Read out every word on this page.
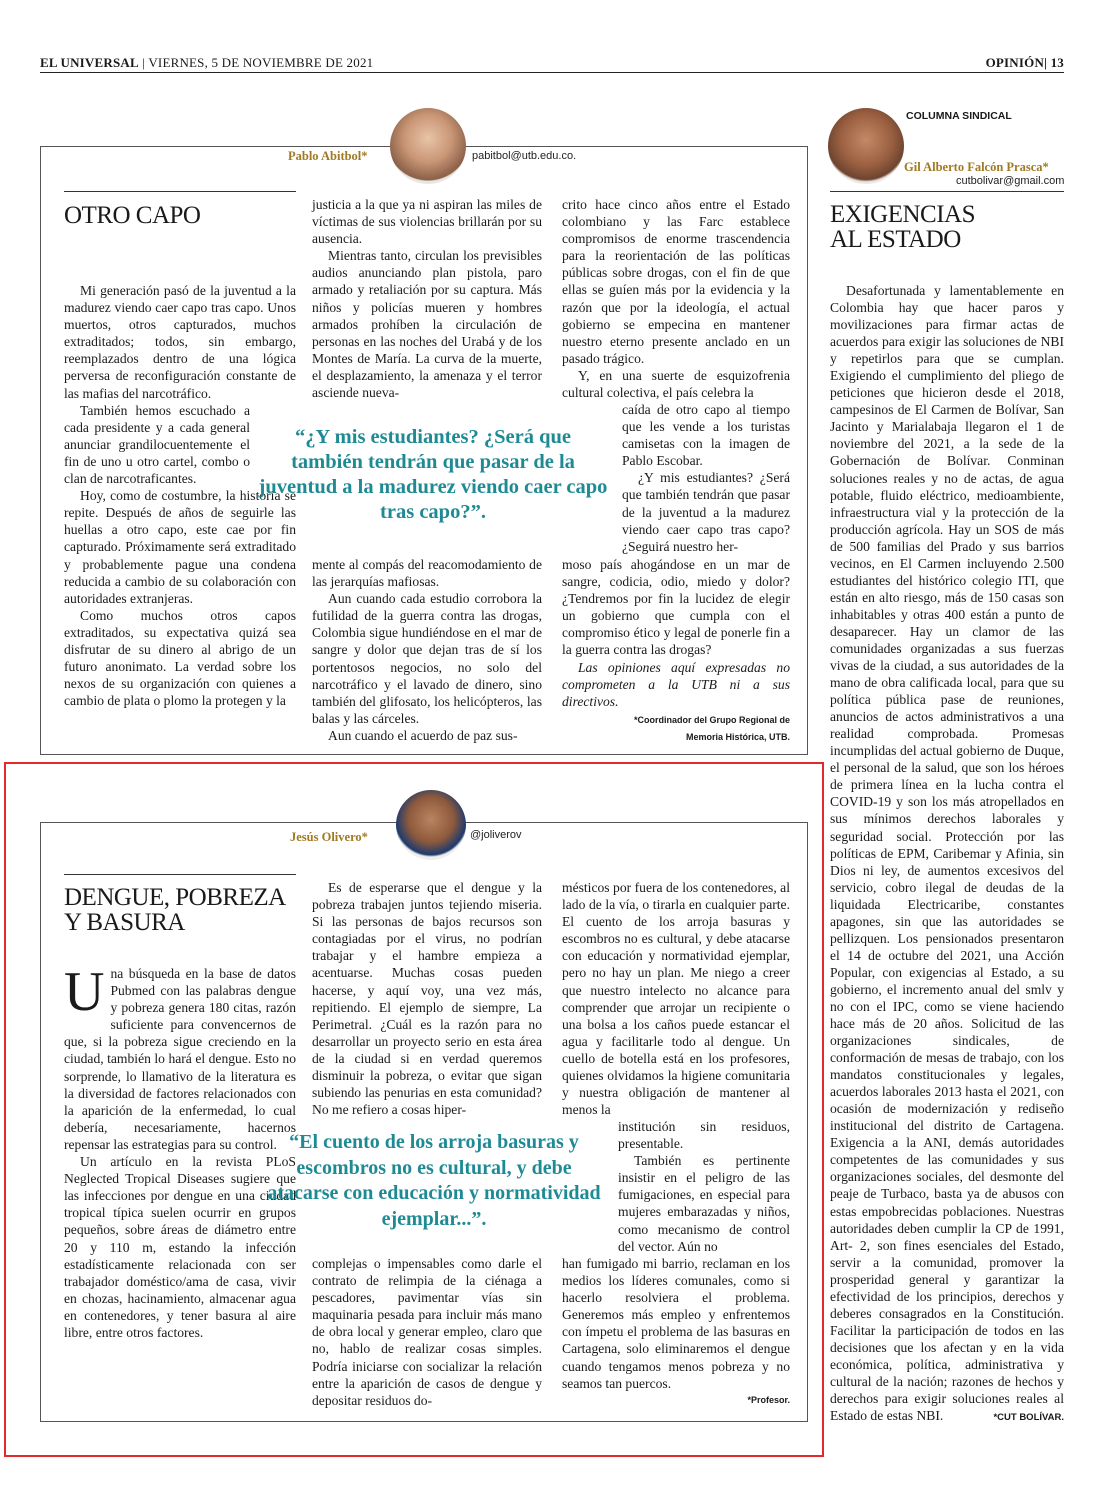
EL UNIVERSAL | VIERNES, 5 DE NOVIEMBRE DE 2021	OPINIÓN| 13
Pablo Abitbol*	pabitbol@utb.edu.co.
OTRO CAPO

Mi generación pasó de la juventud a la madurez viendo caer capo tras capo. Unos muertos, otros capturados, muchos extraditados; todos, sin embargo, reemplazados dentro de una lógica perversa de reconfiguración constante de las mafias del narcotráfico.

También hemos escuchado a cada presidente y a cada general anunciar grandilocuentemente el fin de uno u otro cartel, combo o clan de narcotraficantes.

Hoy, como de costumbre, la historia se repite. Después de años de seguirle las huellas a otro capo, este cae por fin capturado. Próximamente será extraditado y probablemente pague una condena reducida a cambio de su colaboración con autoridades extranjeras.

Como muchos otros capos extraditados, su expectativa quizá sea disfrutar de su dinero al abrigo de un futuro anonimato. La verdad sobre los nexos de su organización con quienes a cambio de plata o plomo la protegen y la

justicia a la que ya ni aspiran las miles de víctimas de sus violencias brillarán por su ausencia.

Mientras tanto, circulan los previsibles audios anunciando plan pistola, paro armado y retaliación por su captura. Más niños y policías mueren y hombres armados prohíben la circulación de personas en las noches del Urabá y de los Montes de María. La curva de la muerte, el desplazamiento, la amenaza y el terror asciende nueva-

mente al compás del reacomodamiento de las jerarquías mafiosas.

Aun cuando cada estudio corrobora la futilidad de la guerra contra las drogas, Colombia sigue hundiéndose en el mar de sangre y dolor que dejan tras de sí los portentosos negocios, no solo del narcotráfico y el lavado de dinero, sino también del glifosato, los helicópteros, las balas y las cárceles.

Aun cuando el acuerdo de paz sus-

crito hace cinco años entre el Estado colombiano y las Farc establece compromisos de enorme trascendencia para la reorientación de las políticas públicas sobre drogas, con el fin de que ellas se guíen más por la evidencia y la razón que por la ideología, el actual gobierno se empecina en mantener nuestro eterno presente anclado en un pasado trágico.

Y, en una suerte de esquizofrenia cultural colectiva, el país celebra la

caída de otro capo al tiempo que les vende a los turistas camisetas con la imagen de Pablo Escobar.

¿Y mis estudiantes? ¿Será que también tendrán que pasar de la juventud a la madurez viendo caer capo tras capo? ¿Seguirá nuestro her-

moso país ahogándose en un mar de sangre, codicia, odio, miedo y dolor? ¿Tendremos por fin la lucidez de elegir un gobierno que cumpla con el compromiso ético y legal de ponerle fin a la guerra contra las drogas?

Las opiniones aquí expresadas no comprometen a la UTB ni a sus directivos.

*Coordinador del Grupo Regional de
Memoria Histórica, UTB.
“¿Y mis estudiantes? ¿Será que también tendrán que pasar de la juventud a la madurez viendo caer capo tras capo?”.
Jesús Olivero*	@joliverov
DENGUE, POBREZA Y BASURA

Una búsqueda en la base de datos Pubmed con las palabras dengue y pobreza genera 180 citas, razón suficiente para convencernos de que, si la pobreza sigue creciendo en la ciudad, también lo hará el dengue. Esto no sorprende, lo llamativo de la literatura es la diversidad de factores relacionados con la aparición de la enfermedad, lo cual debería, necesariamente, hacernos repensar las estrategias para su control.

Un artículo en la revista PLoS Neglected Tropical Diseases sugiere que las infecciones por dengue en una ciudad tropical típica suelen ocurrir en grupos pequeños, sobre áreas de diámetro entre 20 y 110 m, estando la infección estadísticamente relacionada con ser trabajador doméstico/ama de casa, vivir en chozas, hacinamiento, almacenar agua en contenedores, y tener basura al aire libre, entre otros factores.

Es de esperarse que el dengue y la pobreza trabajen juntos tejiendo miseria. Si las personas de bajos recursos son contagiadas por el virus, no podrían trabajar y el hambre empieza a acentuarse. Muchas cosas pueden hacerse, y aquí voy, una vez más, repitiendo. El ejemplo de siempre, La Perimetral. ¿Cuál es la razón para no desarrollar un proyecto serio en esta área de la ciudad si en verdad queremos disminuir la pobreza, o evitar que sigan subiendo las penurias en esta comunidad? No me refiero a cosas hiper-

complejas o impensables como darle el contrato de relimpia de la ciénaga a pescadores, pavimentar vías sin maquinaria pesada para incluir más mano de obra local y generar empleo, claro que no, hablo de realizar cosas simples. Podría iniciarse con socializar la relación entre la aparición de casos de dengue y depositar residuos do-

mésticos por fuera de los contenedores, al lado de la vía, o tirarla en cualquier parte. El cuento de los arroja basuras y escombros no es cultural, y debe atacarse con educación y normatividad ejemplar, pero no hay un plan. Me niego a creer que nuestro intelecto no alcance para comprender que arrojar un recipiente o una bolsa a los caños puede estancar el agua y facilitarle todo al dengue. Un cuello de botella está en los profesores, quienes olvidamos la higiene comunitaria y nuestra obligación de mantener al menos la

institución sin residuos, presentable.

También es pertinente insistir en el peligro de las fumigaciones, en especial para mujeres embarazadas y niños, como mecanismo de control del vector. Aún no

han fumigado mi barrio, reclaman en los medios los líderes comunales, como si hacerlo resolviera el problema. Generemos más empleo y enfrentemos con ímpetu el problema de las basuras en Cartagena, solo eliminaremos el dengue cuando tengamos menos pobreza y no seamos tan puercos.

*Profesor.
“El cuento de los arroja basuras y escombros no es cultural, y debe atacarse con educación y normatividad ejemplar...”.
COLUMNA SINDICAL
Gil Alberto Falcón Prasca*
cutbolivar@gmail.com
EXIGENCIAS
AL ESTADO

Desafortunada y lamentablemente en Colombia hay que hacer paros y movilizaciones para firmar actas de acuerdos para exigir las soluciones de NBI y repetirlos para que se cumplan. Exigiendo el cumplimiento del pliego de peticiones que hicieron desde el 2018, campesinos de El Carmen de Bolívar, San Jacinto y Marialabaja llegaron el 1 de noviembre del 2021, a la sede de la Gobernación de Bolívar. Conminan soluciones reales y no de actas, de agua potable, fluido eléctrico, medioambiente, infraestructura vial y la protección de la producción agrícola. Hay un SOS de más de 500 familias del Prado y sus barrios vecinos, en El Carmen incluyendo 2.500 estudiantes del histórico colegio ITI, que están en alto riesgo, más de 150 casas son inhabitables y otras 400 están a punto de desaparecer. Hay un clamor de las comunidades organizadas a sus fuerzas vivas de la ciudad, a sus autoridades de la mano de obra calificada local, para que su política pública pase de reuniones, anuncios de actos administrativos a una realidad comprobada. Promesas incumplidas del actual gobierno de Duque, el personal de la salud, que son los héroes de primera línea en la lucha contra el COVID-19 y son los más atropellados en sus mínimos derechos laborales y seguridad social. Protección por las políticas de EPM, Caribemar y Afinia, sin Dios ni ley, de aumentos excesivos del servicio, cobro ilegal de deudas de la liquidada Electricaribe, constantes apagones, sin que las autoridades se pellizquen. Los pensionados presentaron el 14 de octubre del 2021, una Acción Popular, con exigencias al Estado, a su gobierno, el incremento anual del smlv y no con el IPC, como se viene haciendo hace más de 20 años. Solicitud de las organizaciones sindicales, de conformación de mesas de trabajo, con los mandatos constitucionales y legales, acuerdos laborales 2013 hasta el 2021, con ocasión de modernización y rediseño institucional del distrito de Cartagena. Exigencia a la ANI, demás autoridades competentes de las comunidades y sus organizaciones sociales, del desmonte del peaje de Turbaco, basta ya de abusos con estas empobrecidas poblaciones. Nuestras autoridades deben cumplir la CP de 1991, Art- 2, son fines esenciales del Estado, servir a la comunidad, promover la prosperidad general y garantizar la efectividad de los principios, derechos y deberes consagrados en la Constitución. Facilitar la participación de todos en las decisiones que los afectan y en la vida económica, política, administrativa y cultural de la nación; razones de hechos y derechos para exigir soluciones reales al Estado de estas NBI.	*CUT BOLÍVAR.
